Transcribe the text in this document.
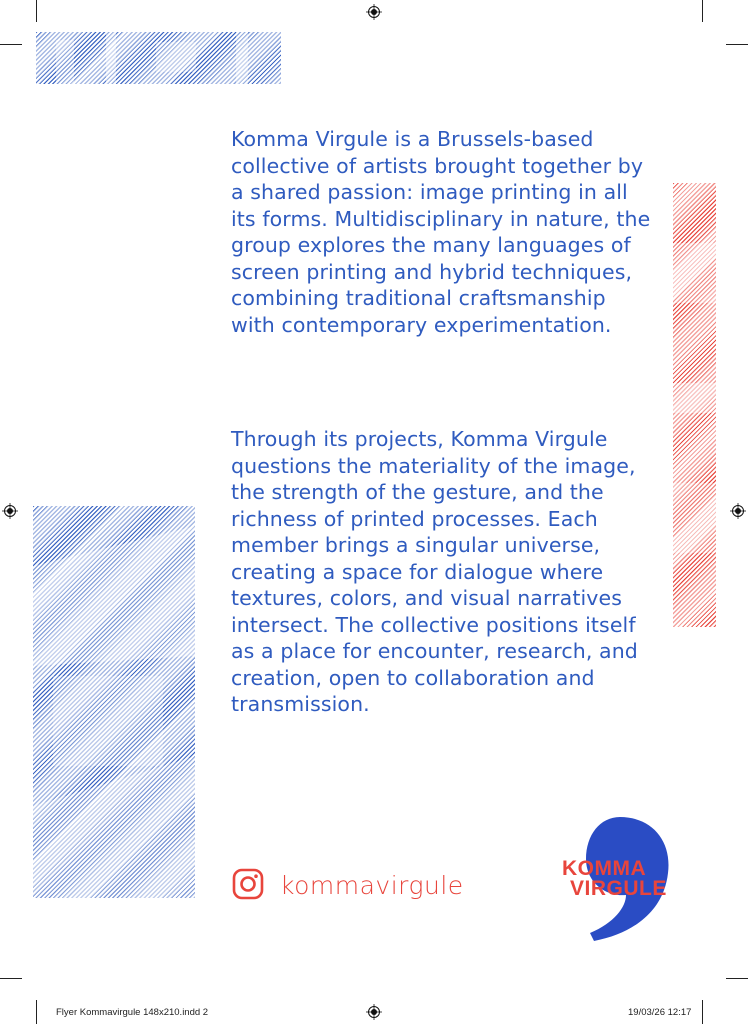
Komma Virgule is a Brussels-based collective of artists brought together by a shared passion: image printing in all its forms. Multidisciplinary in nature, the group explores the many languages of screen printing and hybrid techniques, combining traditional craftsmanship with contemporary experimentation.

Through its projects, Komma Virgule questions the materiality of the image, the strength of the gesture, and the richness of printed processes. Each member brings a singular universe, creating a space for dialogue where textures, colors, and visual narratives intersect. The collective positions itself as a place for encounter, research, and creation, open to collaboration and transmission.

kommavirgule
KOMMA
VIRGULE
Flyer Kommavirgule 148x210.indd 2	19/03/26 12:17
